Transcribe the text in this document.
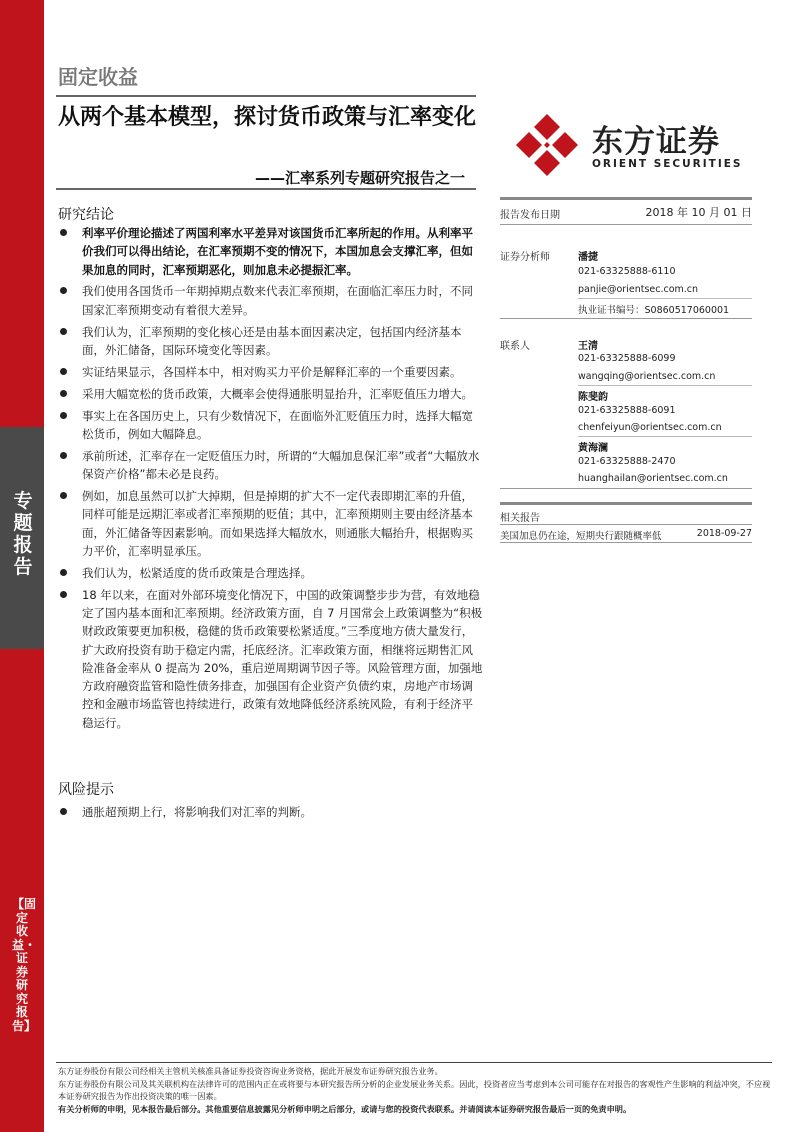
专题报告
【固定收益・证券研究报告】
固定收益
从两个基本模型，探讨货币政策与汇率变化
——汇率系列专题研究报告之一
东方证券
ORIENT SECURITIES
研究结论
利率平价理论描述了两国利率水平差异对该国货币汇率所起的作用。从利率平价我们可以得出结论，在汇率预期不变的情况下，本国加息会支撑汇率，但如果加息的同时，汇率预期恶化，则加息未必提振汇率。
我们使用各国货币一年期掉期点数来代表汇率预期，在面临汇率压力时，不同国家汇率预期变动有着很大差异。
我们认为，汇率预期的变化核心还是由基本面因素决定，包括国内经济基本面，外汇储备，国际环境变化等因素。
实证结果显示，各国样本中，相对购买力平价是解释汇率的一个重要因素。
采用大幅宽松的货币政策，大概率会使得通胀明显抬升，汇率贬值压力增大。
事实上在各国历史上，只有少数情况下，在面临外汇贬值压力时，选择大幅宽松货币，例如大幅降息。
承前所述，汇率存在一定贬值压力时，所谓的“大幅加息保汇率”或者“大幅放水保资产价格”都未必是良药。
例如，加息虽然可以扩大掉期，但是掉期的扩大不一定代表即期汇率的升值，同样可能是远期汇率或者汇率预期的贬值；其中，汇率预期则主要由经济基本面，外汇储备等因素影响。而如果选择大幅放水，则通胀大幅抬升，根据购买力平价，汇率明显承压。
我们认为，松紧适度的货币政策是合理选择。
18 年以来，在面对外部环境变化情况下，中国的政策调整步步为营，有效地稳定了国内基本面和汇率预期。经济政策方面，自 7 月国常会上政策调整为“积极财政政策要更加积极，稳健的货币政策要松紧适度。”三季度地方债大量发行，扩大政府投资有助于稳定内需，托底经济。汇率政策方面，相继将远期售汇风险准备金率从 0 提高为 20%，重启逆周期调节因子等。风险管理方面，加强地方政府融资监管和隐性债务排查，加强国有企业资产负债约束，房地产市场调控和金融市场监管也持续进行，政策有效地降低经济系统风险，有利于经济平稳运行。
风险提示
通胀超预期上行，将影响我们对汇率的判断。
报告发布日期	2018 年 10 月 01 日
证券分析师	潘捷
021-63325888-6110
panjie@orientsec.com.cn
执业证书编号：S0860517060001
联系人	王清
021-63325888-6099
wangqing@orientsec.com.cn
陈斐韵
021-63325888-6091
chenfeiyun@orientsec.com.cn
黄海澜
021-63325888-2470
huanghailan@orientsec.com.cn
相关报告
美国加息仍在途，短期央行跟随概率低	2018-09-27
东方证券股份有限公司经相关主管机关核准具备证券投资咨询业务资格，据此开展发布证券研究报告业务。
东方证券股份有限公司及其关联机构在法律许可的范围内正在或将要与本研究报告所分析的企业发展业务关系。因此，投资者应当考虑到本公司可能存在对报告的客观性产生影响的利益冲突，不应视本证券研究报告为作出投资决策的唯一因素。
有关分析师的申明，见本报告最后部分。其他重要信息披露见分析师申明之后部分，或请与您的投资代表联系。并请阅读本证券研究报告最后一页的免责申明。
